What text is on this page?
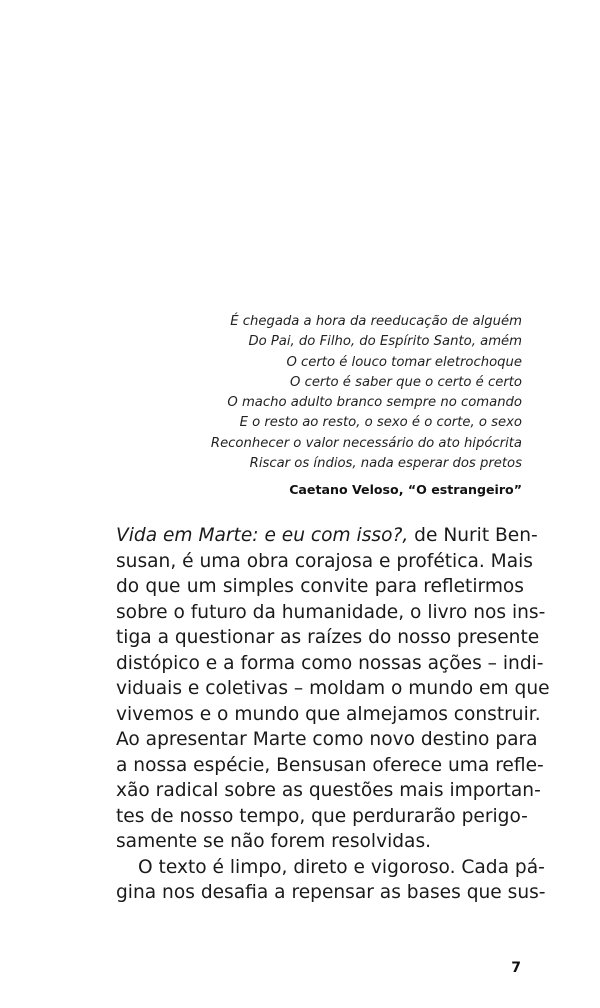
É chegada a hora da reeducação de alguém
Do Pai, do Filho, do Espírito Santo, amém
O certo é louco tomar eletrochoque
O certo é saber que o certo é certo
O macho adulto branco sempre no comando
E o resto ao resto, o sexo é o corte, o sexo
Reconhecer o valor necessário do ato hipócrita
Riscar os índios, nada esperar dos pretos
Caetano Veloso, “O estrangeiro”
Vida em Marte: e eu com isso?, de Nurit Ben-
susan, é uma obra corajosa e profética. Mais
do que um simples convite para refletirmos
sobre o futuro da humanidade, o livro nos ins-
tiga a questionar as raízes do nosso presente
distópico e a forma como nossas ações – indi-
viduais e coletivas – moldam o mundo em que
vivemos e o mundo que almejamos construir.
Ao apresentar Marte como novo destino para
a nossa espécie, Bensusan oferece uma refle-
xão radical sobre as questões mais importan-
tes de nosso tempo, que perdurarão perigo-
samente se não forem resolvidas.
O texto é limpo, direto e vigoroso. Cada pá-
gina nos desafia a repensar as bases que sus-
7
